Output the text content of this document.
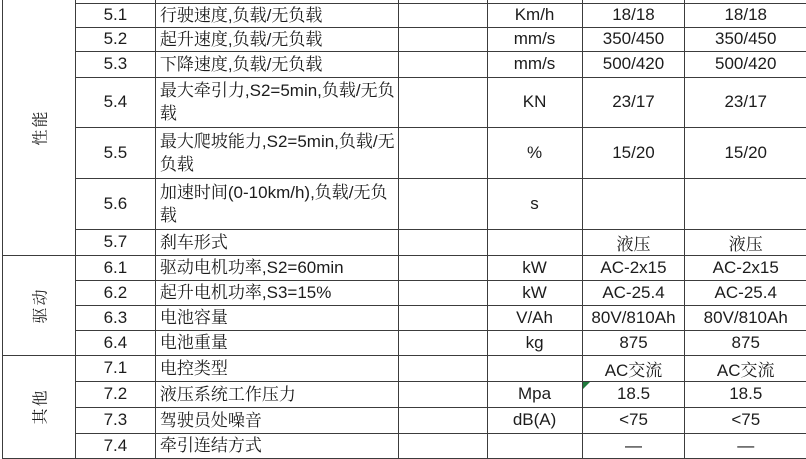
性能						
	5.1	行驶速度,负载/无负载		Km/h	18/18	18/18
	5.2	起升速度,负载/无负载		mm/s	350/450	350/450
	5.3	下降速度,负载/无负载		mm/s	500/420	500/420
	5.4	最大牵引力,S2=5min,负载/无负载		KN	23/17	23/17
	5.5	最大爬坡能力,S2=5min,负载/无负载		%	15/20	15/20
	5.6	加速时间(0-10km/h),负载/无负载		s		
	5.7	刹车形式			液压	液压
驱动	6.1	驱动电机功率,S2=60min		kW	AC-2x15	AC-2x15
	6.2	起升电机功率,S3=15%		kW	AC-25.4	AC-25.4
	6.3	电池容量		V/Ah	80V/810Ah	80V/810Ah
	6.4	电池重量		kg	875	875
其他	7.1	电控类型			AC交流	AC交流
	7.2	液压系统工作压力		Mpa	18.5	18.5
	7.3	驾驶员处噪音		dB(A)	<75	<75
	7.4	牵引连结方式			—	—
